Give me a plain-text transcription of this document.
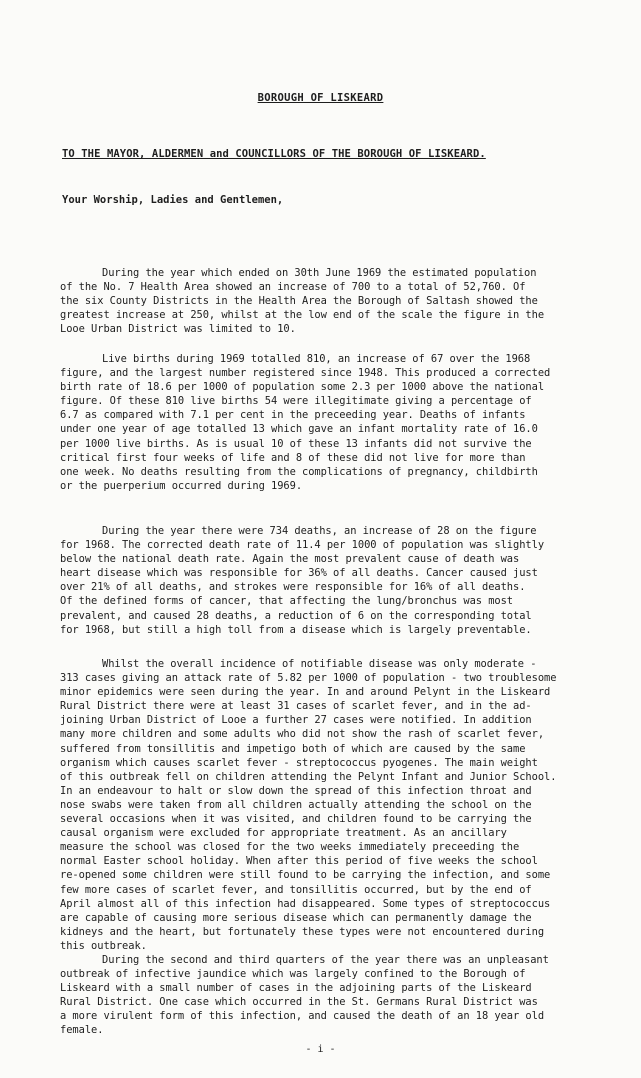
BOROUGH OF LISKEARD
TO THE MAYOR, ALDERMEN and COUNCILLORS OF THE BOROUGH OF LISKEARD.
Your Worship, Ladies and Gentlemen,
During the year which ended on 30th June 1969 the estimated population
of the No. 7 Health Area showed an increase of 700 to a total of 52,760. Of
the six County Districts in the Health Area the Borough of Saltash showed the
greatest increase at 250, whilst at the low end of the scale the figure in the
Looe Urban District was limited to 10.
Live births during 1969 totalled 810, an increase of 67 over the 1968
figure, and the largest number registered since 1948. This produced a corrected
birth rate of 18.6 per 1000 of population some 2.3 per 1000 above the national
figure. Of these 810 live births 54 were illegitimate giving a percentage of
6.7 as compared with 7.1 per cent in the preceeding year. Deaths of infants
under one year of age totalled 13 which gave an infant mortality rate of 16.0
per 1000 live births. As is usual 10 of these 13 infants did not survive the
critical first four weeks of life and 8 of these did not live for more than
one week. No deaths resulting from the complications of pregnancy, childbirth
or the puerperium occurred during 1969.
During the year there were 734 deaths, an increase of 28 on the figure
for 1968. The corrected death rate of 11.4 per 1000 of population was slightly
below the national death rate. Again the most prevalent cause of death was
heart disease which was responsible for 36% of all deaths. Cancer caused just
over 21% of all deaths, and strokes were responsible for 16% of all deaths.
Of the defined forms of cancer, that affecting the lung/bronchus was most
prevalent, and caused 28 deaths, a reduction of 6 on the corresponding total
for 1968, but still a high toll from a disease which is largely preventable.
Whilst the overall incidence of notifiable disease was only moderate -
313 cases giving an attack rate of 5.82 per 1000 of population - two troublesome
minor epidemics were seen during the year. In and around Pelynt in the Liskeard
Rural District there were at least 31 cases of scarlet fever, and in the ad-
joining Urban District of Looe a further 27 cases were notified. In addition
many more children and some adults who did not show the rash of scarlet fever,
suffered from tonsillitis and impetigo both of which are caused by the same
organism which causes scarlet fever - streptococcus pyogenes. The main weight
of this outbreak fell on children attending the Pelynt Infant and Junior School.
In an endeavour to halt or slow down the spread of this infection throat and
nose swabs were taken from all children actually attending the school on the
several occasions when it was visited, and children found to be carrying the
causal organism were excluded for appropriate treatment. As an ancillary
measure the school was closed for the two weeks immediately preceeding the
normal Easter school holiday. When after this period of five weeks the school
re-opened some children were still found to be carrying the infection, and some
few more cases of scarlet fever, and tonsillitis occurred, but by the end of
April almost all of this infection had disappeared. Some types of streptococcus
are capable of causing more serious disease which can permanently damage the
kidneys and the heart, but fortunately these types were not encountered during
this outbreak.
During the second and third quarters of the year there was an unpleasant
outbreak of infective jaundice which was largely confined to the Borough of
Liskeard with a small number of cases in the adjoining parts of the Liskeard
Rural District. One case which occurred in the St. Germans Rural District was
a more virulent form of this infection, and caused the death of an 18 year old
female.
- i -
